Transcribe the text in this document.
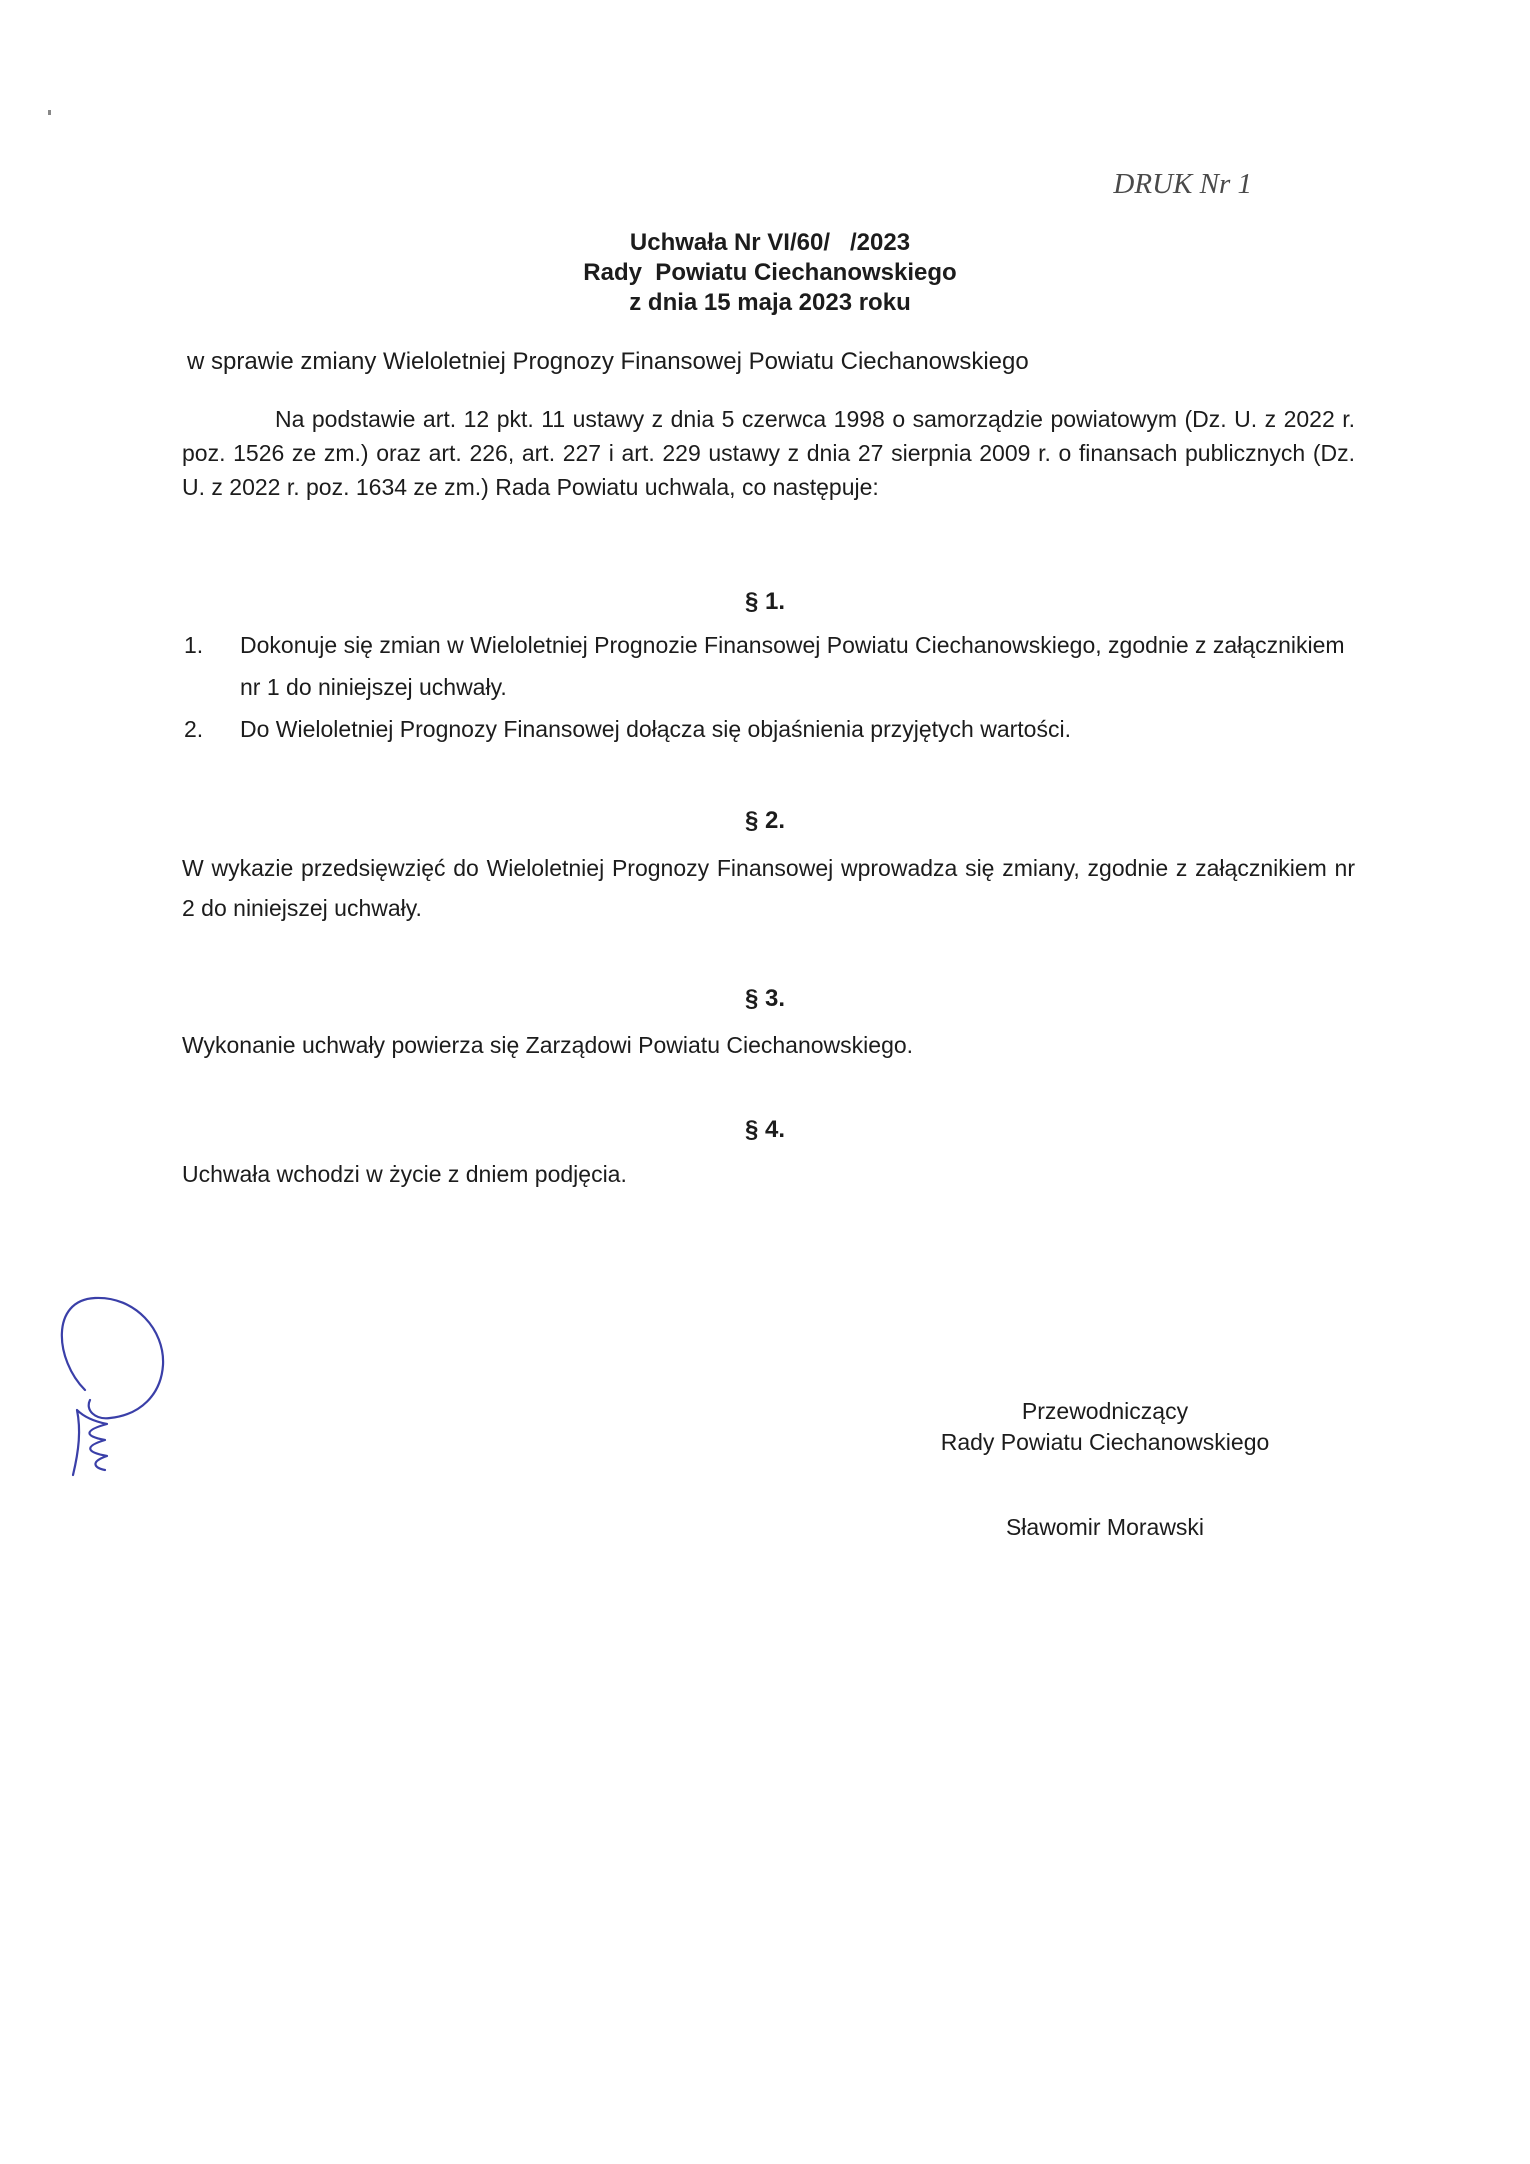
DRUK Nr 1
Uchwała Nr VI/60/   /2023
Rady  Powiatu Ciechanowskiego
z dnia 15 maja 2023 roku
w sprawie zmiany Wieloletniej Prognozy Finansowej Powiatu Ciechanowskiego
Na podstawie art. 12 pkt. 11 ustawy z dnia 5 czerwca 1998 o samorządzie powiatowym (Dz. U. z 2022 r. poz. 1526 ze zm.) oraz art. 226, art. 227 i art. 229 ustawy z dnia 27 sierpnia 2009 r. o finansach publicznych (Dz. U. z 2022 r. poz. 1634 ze zm.) Rada Powiatu uchwala, co następuje:
§ 1.
1. Dokonuje się zmian w Wieloletniej Prognozie Finansowej Powiatu Ciechanowskiego, zgodnie z załącznikiem nr 1 do niniejszej uchwały.
2. Do Wieloletniej Prognozy Finansowej dołącza się objaśnienia przyjętych wartości.
§ 2.
W wykazie przedsięwzięć do Wieloletniej Prognozy Finansowej wprowadza się zmiany, zgodnie z załącznikiem nr 2 do niniejszej uchwały.
§ 3.
Wykonanie uchwały powierza się Zarządowi Powiatu Ciechanowskiego.
§ 4.
Uchwała wchodzi w życie z dniem podjęcia.
Przewodniczący
Rady Powiatu Ciechanowskiego
Sławomir Morawski
